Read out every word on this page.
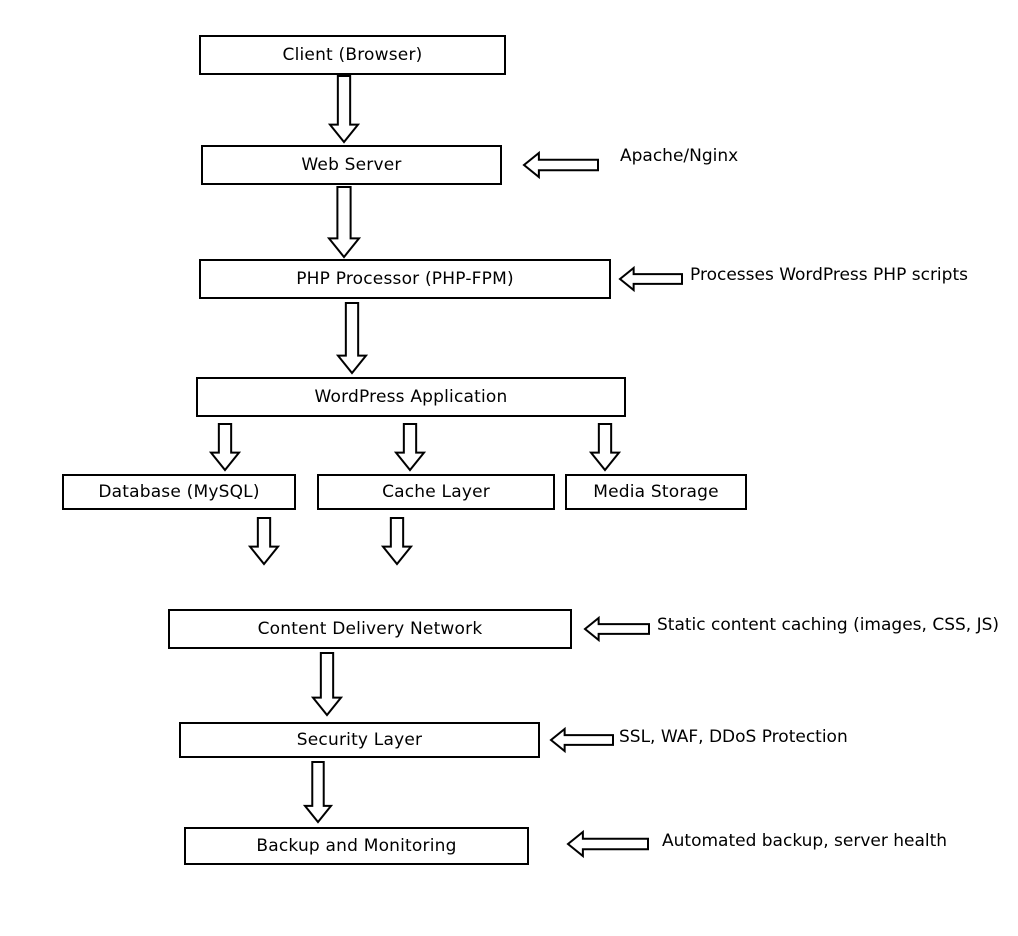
Client (Browser)
Web Server
PHP Processor (PHP-FPM)
WordPress Application
Database (MySQL)	Cache Layer	Media Storage
Content Delivery Network
Security Layer
Backup and Monitoring
Apache/Nginx
Processes WordPress PHP scripts
Static content caching (images, CSS, JS)
SSL, WAF, DDoS Protection
Automated backup, server health
